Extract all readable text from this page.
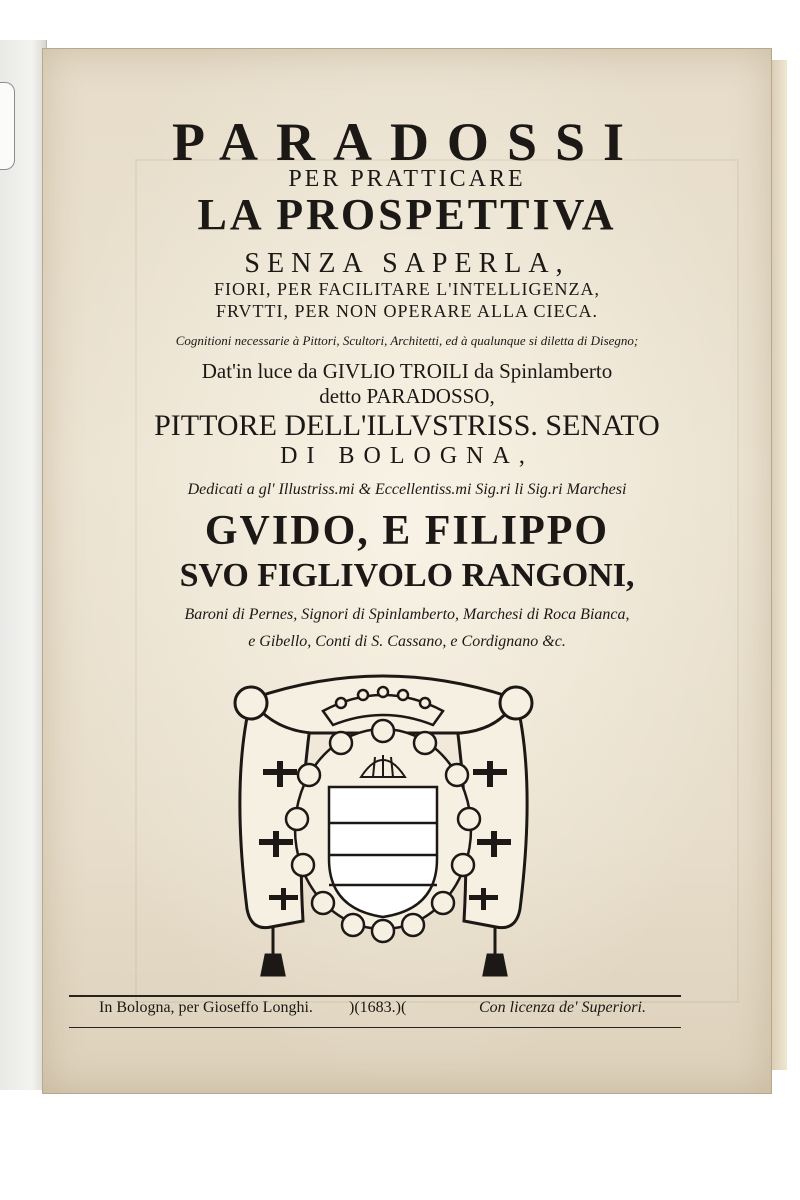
PARADOSSI
PER PRATTICARE
LA PROSPETTIVA
SENZA SAPERLA,
FIORI, PER FACILITARE L'INTELLIGENZA,
FRVTTI, PER NON OPERARE ALLA CIECA.
Cognitioni necessarie à Pittori, Scultori, Architetti, ed à qualunque si diletta di Disegno;
Dat'in luce da GIVLIO TROILI da Spinlamberto
detto PARADOSSO,
PITTORE DELL'ILLVSTRISS. SENATO
DI BOLOGNA,
Dedicati a gl' Illustriss.mi & Eccellentiss.mi Sig.ri li Sig.ri Marchesi
GVIDO, E FILIPPO
SVO FIGLIVOLO RANGONI,
Baroni di Pernes, Signori di Spinlamberto, Marchesi di Roca Bianca,
e Gibello, Conti di S. Cassano, e Cordignano &c.
In Bologna, per Gioseffo Longhi. )(1683.)(	Con licenza de' Superiori.
